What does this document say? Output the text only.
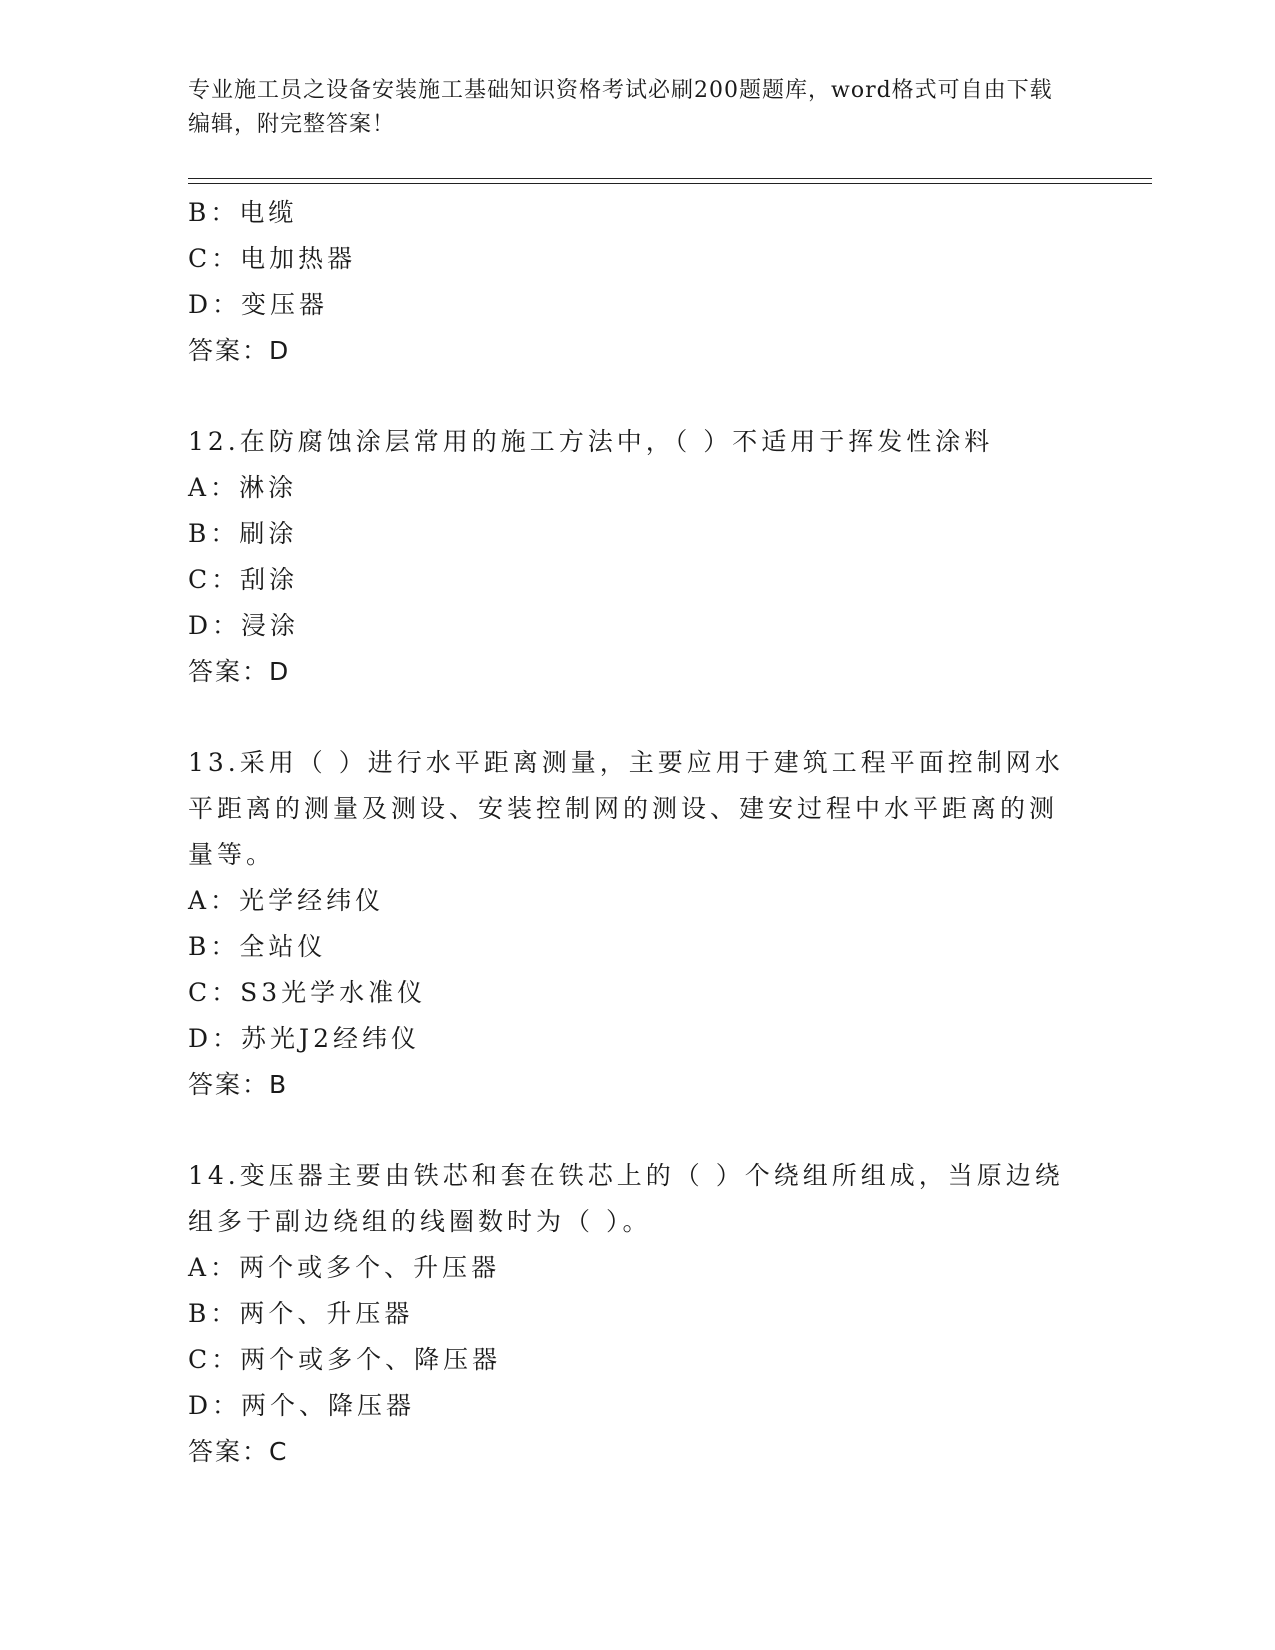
专业施工员之设备安装施工基础知识资格考试必刷200题题库，word格式可自由下载编辑，附完整答案！
B：电缆
C：电加热器
D：变压器
答案：D
12.在防腐蚀涂层常用的施工方法中，（ ）不适用于挥发性涂料
A：淋涂
B：刷涂
C：刮涂
D：浸涂
答案：D
13.采用（ ）进行水平距离测量，主要应用于建筑工程平面控制网水平距离的测量及测设、安装控制网的测设、建安过程中水平距离的测量等。
A：光学经纬仪
B：全站仪
C：S3光学水准仪
D：苏光J2经纬仪
答案：B
14.变压器主要由铁芯和套在铁芯上的（ ）个绕组所组成，当原边绕组多于副边绕组的线圈数时为（ ）。
A：两个或多个、升压器
B：两个、升压器
C：两个或多个、降压器
D：两个、降压器
答案：C
